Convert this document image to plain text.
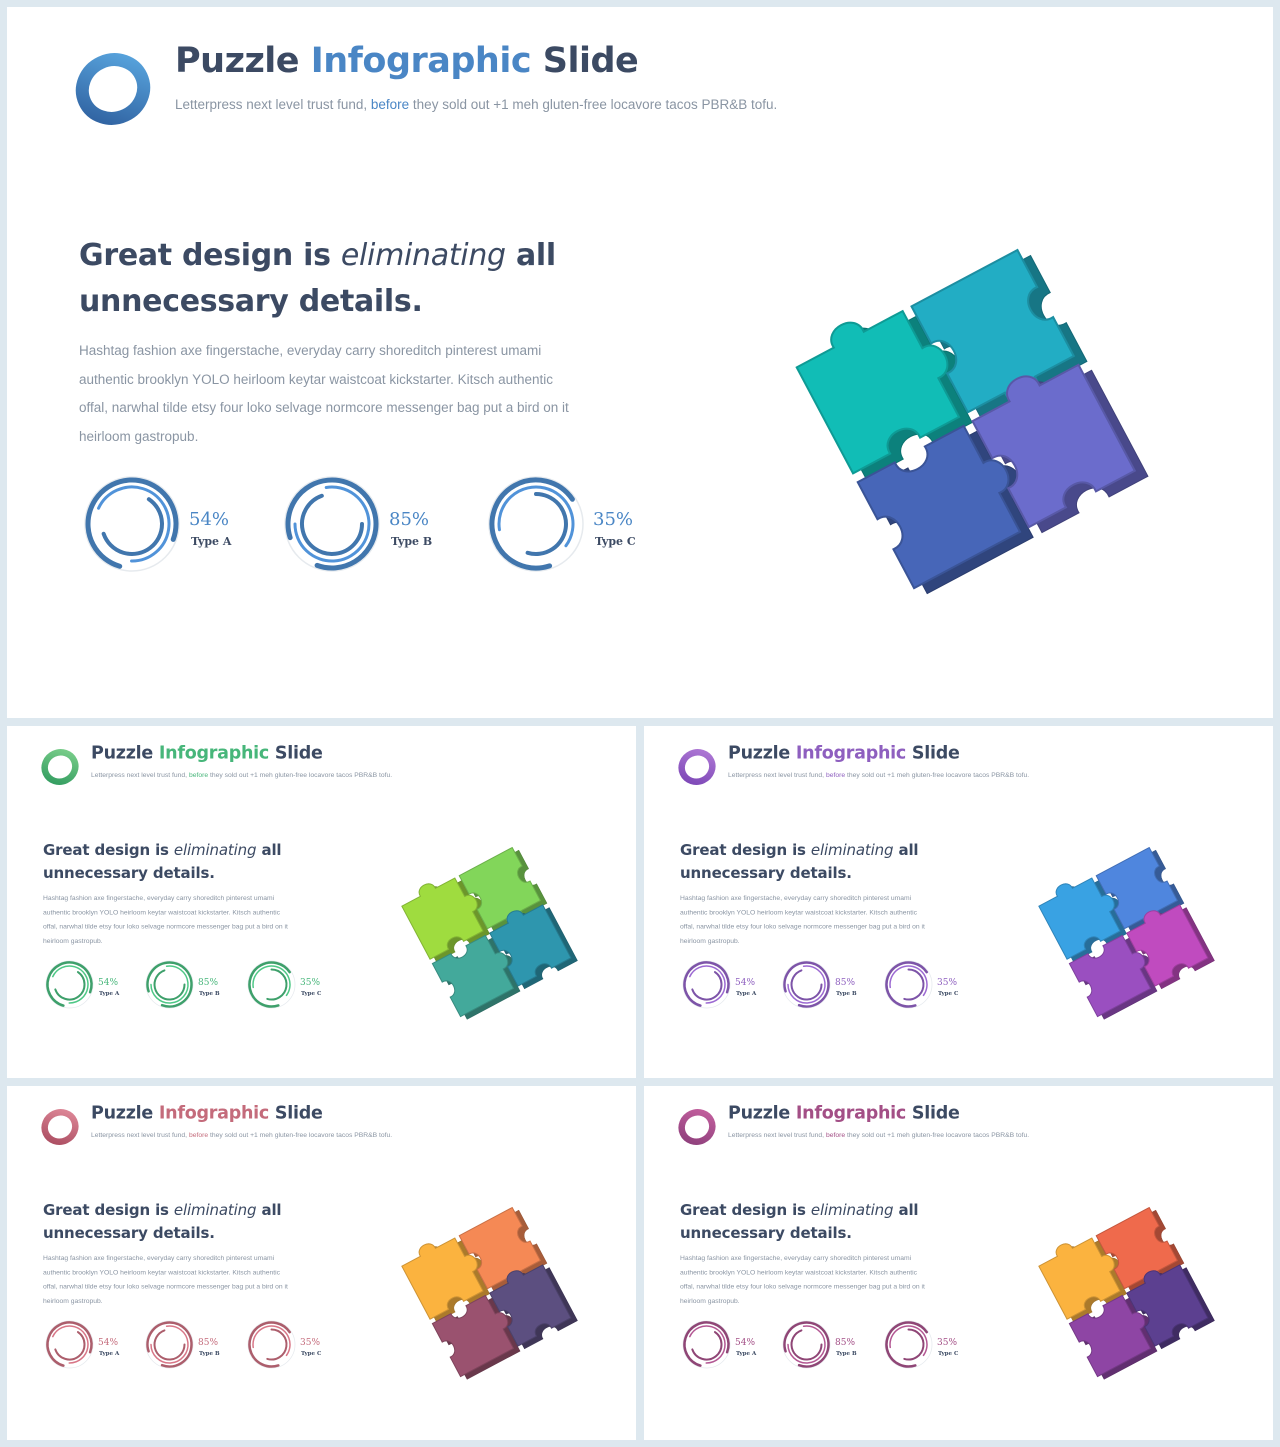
Puzzle Infographic Slide

Letterpress next level trust fund, before they sold out +1 meh gluten-free locavore tacos PBR&B tofu.

Great design is eliminating all
unnecessary details.

Hashtag fashion axe fingerstache, everyday carry shoreditch pinterest umami authentic brooklyn YOLO heirloom keytar waistcoat kickstarter. Kitsch authentic offal, narwhal tilde etsy four loko selvage normcore messenger bag put a bird on it heirloom gastropub.

54%
Type A
85%
Type B
35%
Type C
Puzzle Infographic Slide

Letterpress next level trust fund, before they sold out +1 meh gluten-free locavore tacos PBR&B tofu.

Great design is eliminating all
unnecessary details.

Hashtag fashion axe fingerstache, everyday carry shoreditch pinterest umami authentic brooklyn YOLO heirloom keytar waistcoat kickstarter. Kitsch authentic offal, narwhal tilde etsy four loko selvage normcore messenger bag put a bird on it heirloom gastropub.

54%
Type A
85%
Type B
35%
Type C
Puzzle Infographic Slide

Letterpress next level trust fund, before they sold out +1 meh gluten-free locavore tacos PBR&B tofu.

Great design is eliminating all
unnecessary details.

Hashtag fashion axe fingerstache, everyday carry shoreditch pinterest umami authentic brooklyn YOLO heirloom keytar waistcoat kickstarter. Kitsch authentic offal, narwhal tilde etsy four loko selvage normcore messenger bag put a bird on it heirloom gastropub.

54%
Type A
85%
Type B
35%
Type C
Puzzle Infographic Slide

Letterpress next level trust fund, before they sold out +1 meh gluten-free locavore tacos PBR&B tofu.

Great design is eliminating all
unnecessary details.

Hashtag fashion axe fingerstache, everyday carry shoreditch pinterest umami authentic brooklyn YOLO heirloom keytar waistcoat kickstarter. Kitsch authentic offal, narwhal tilde etsy four loko selvage normcore messenger bag put a bird on it heirloom gastropub.

54%
Type A
85%
Type B
35%
Type C
Puzzle Infographic Slide

Letterpress next level trust fund, before they sold out +1 meh gluten-free locavore tacos PBR&B tofu.

Great design is eliminating all
unnecessary details.

Hashtag fashion axe fingerstache, everyday carry shoreditch pinterest umami authentic brooklyn YOLO heirloom keytar waistcoat kickstarter. Kitsch authentic offal, narwhal tilde etsy four loko selvage normcore messenger bag put a bird on it heirloom gastropub.

54%
Type A
85%
Type B
35%
Type C
